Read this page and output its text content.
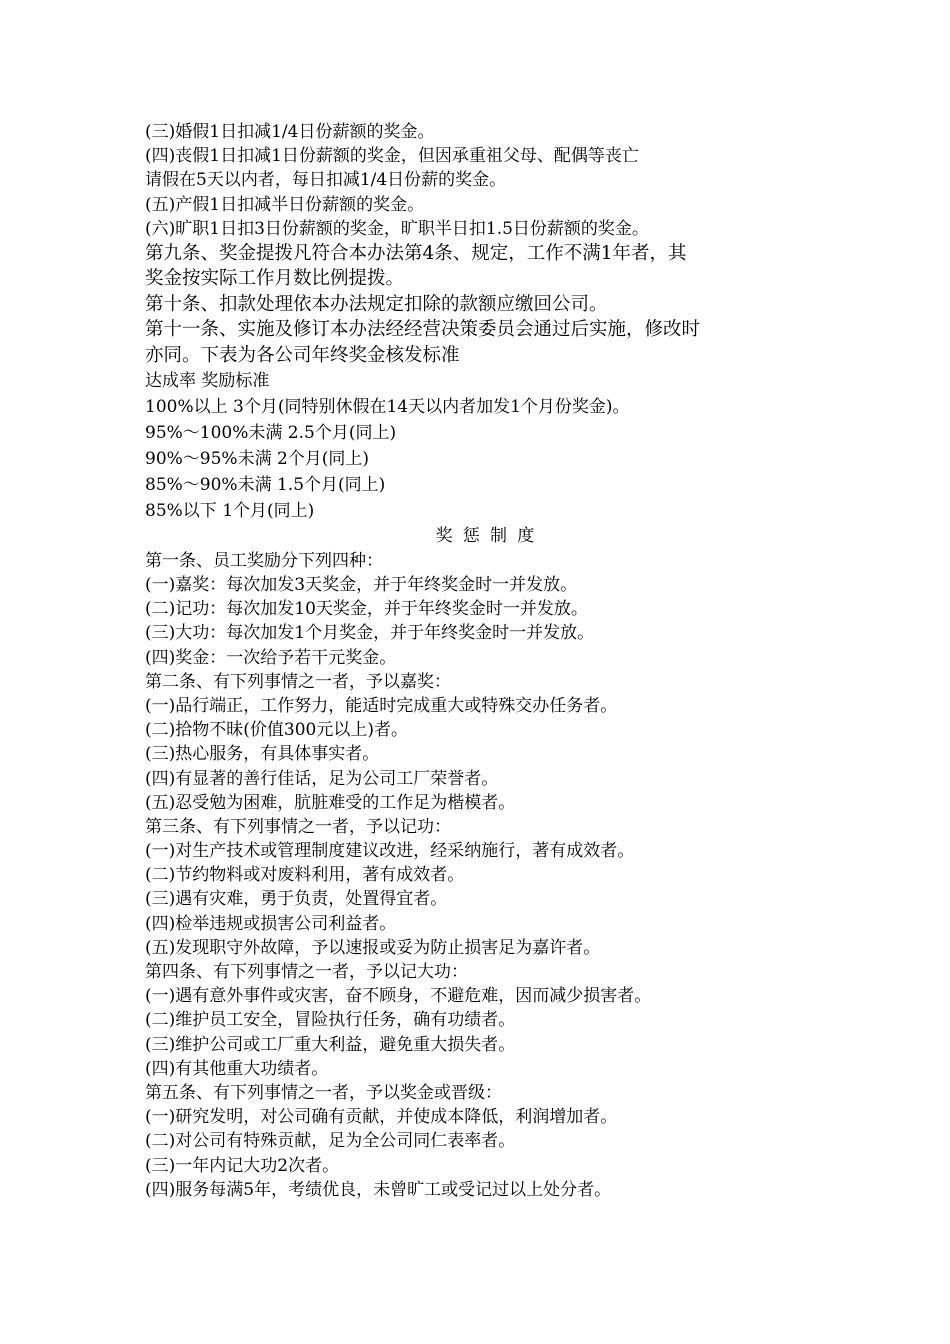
(三)婚假1日扣减1/4日份薪额的奖金。
(四)丧假1日扣减1日份薪额的奖金，但因承重祖父母、配偶等丧亡
请假在5天以内者，每日扣减1/4日份薪的奖金。
(五)产假1日扣减半日份薪额的奖金。
(六)旷职1日扣3日份薪额的奖金，旷职半日扣1.5日份薪额的奖金。
第九条、奖金提拨凡符合本办法第4条、规定，工作不满1年者，其
奖金按实际工作月数比例提拨。
第十条、扣款处理依本办法规定扣除的款额应缴回公司。
第十一条、实施及修订本办法经经营决策委员会通过后实施，修改时
亦同。下表为各公司年终奖金核发标准
达成率 奖励标准
100%以上 3个月(同特别休假在14天以内者加发1个月份奖金)。
95%～100%未满 2.5个月(同上)
90%～95%未满 2个月(同上)
85%～90%未满 1.5个月(同上)
85%以下 1个月(同上)
奖惩制度
第一条、员工奖励分下列四种：
(一)嘉奖：每次加发3天奖金，并于年终奖金时一并发放。
(二)记功：每次加发10天奖金，并于年终奖金时一并发放。
(三)大功：每次加发1个月奖金，并于年终奖金时一并发放。
(四)奖金：一次给予若干元奖金。
第二条、有下列事情之一者，予以嘉奖：
(一)品行端正，工作努力，能适时完成重大或特殊交办任务者。
(二)拾物不昧(价值300元以上)者。
(三)热心服务，有具体事实者。
(四)有显著的善行佳话，足为公司工厂荣誉者。
(五)忍受勉为困难，肮脏难受的工作足为楷模者。
第三条、有下列事情之一者，予以记功：
(一)对生产技术或管理制度建议改进，经采纳施行，著有成效者。
(二)节约物料或对废料利用，著有成效者。
(三)遇有灾难，勇于负责，处置得宜者。
(四)检举违规或损害公司利益者。
(五)发现职守外故障，予以速报或妥为防止损害足为嘉许者。
第四条、有下列事情之一者，予以记大功：
(一)遇有意外事件或灾害，奋不顾身，不避危难，因而减少损害者。
(二)维护员工安全，冒险执行任务，确有功绩者。
(三)维护公司或工厂重大利益，避免重大损失者。
(四)有其他重大功绩者。
第五条、有下列事情之一者，予以奖金或晋级：
(一)研究发明，对公司确有贡献，并使成本降低，利润增加者。
(二)对公司有特殊贡献，足为全公司同仁表率者。
(三)一年内记大功2次者。
(四)服务每满5年，考绩优良，未曾旷工或受记过以上处分者。
